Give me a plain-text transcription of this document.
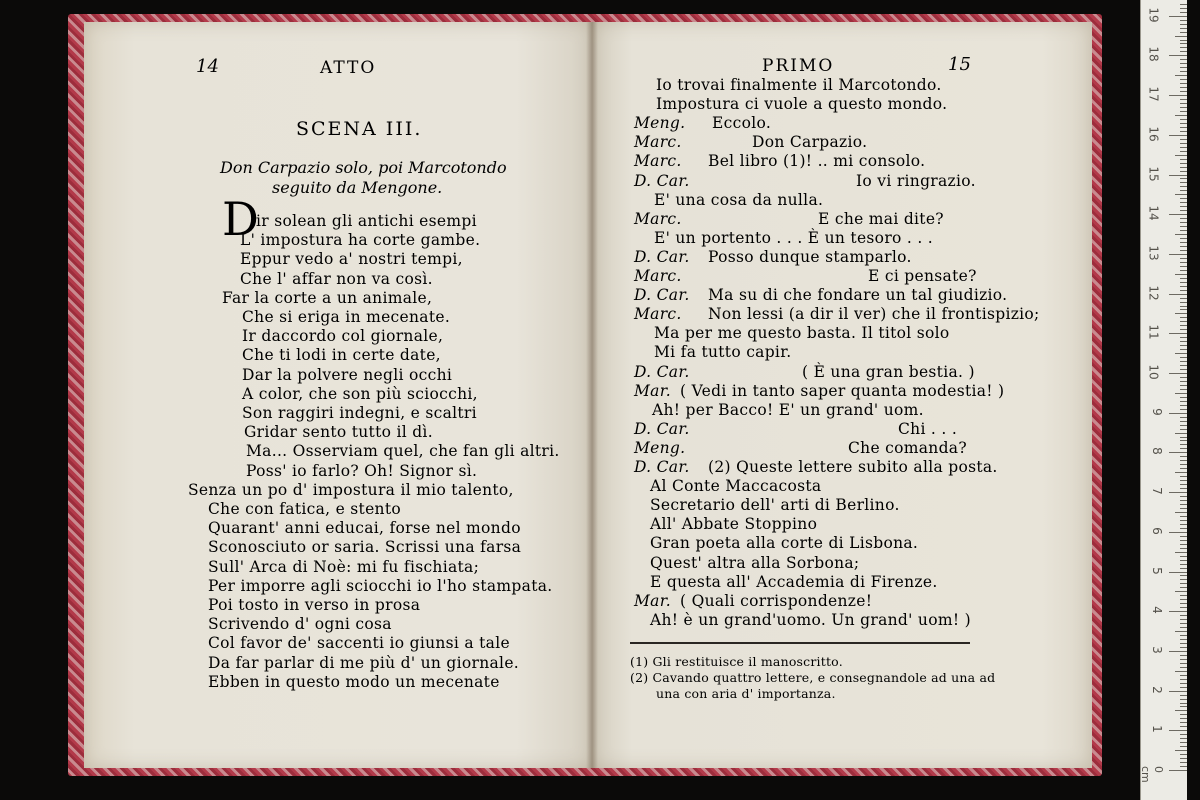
14	ATTO
SCENA III.
Don Carpazio solo, poi Marcotondo
seguito da Mengone.
D
ir solean gli antichi esempi
L' impostura ha corte gambe.
Eppur vedo a' nostri tempi,
Che l' affar non va così.
Far la corte a un animale,
Che si eriga in mecenate.
Ir daccordo col giornale,
Che ti lodi in certe date,
Dar la polvere negli occhi
A color, che son più sciocchi,
Son raggiri indegni, e scaltri
Gridar sento tutto il dì.
Ma... Osserviam quel, che fan gli altri.
Poss' io farlo? Oh! Signor sì.
Senza un po d' impostura il mio talento,
Che con fatica, e stento
Quarant' anni educai, forse nel mondo
Sconosciuto or saria. Scrissi una farsa
Sull' Arca di Noè: mi fu fischiata;
Per imporre agli sciocchi io l'ho stampata.
Poi tosto in verso in prosa
Scrivendo d' ogni cosa
Col favor de' saccenti io giunsi a tale
Da far parlar di me più d' un giornale.
Ebben in questo modo un mecenate
PRIMO	15
Io trovai finalmente il Marcotondo.
Impostura ci vuole a questo mondo.
Meng. Eccolo.
Marc.	Don Carpazio.
Marc. Bel libro (1)! .. mi consolo.
D. Car.	Io vi ringrazio.
E' una cosa da nulla.
Marc.	E che mai dite?
E' un portento . . . È un tesoro . . .
D. Car. Posso dunque stamparlo.
Marc.	E ci pensate?
D. Car. Ma su di che fondare un tal giudizio.
Marc. Non lessi (a dir il ver) che il frontispizio;
Ma per me questo basta. Il titol solo
Mi fa tutto capir.
D. Car.	( È una gran bestia. )
Mar. ( Vedi in tanto saper quanta modestia! )
Ah! per Bacco! E' un grand' uom.
D. Car.	Chi . . .
Meng.	Che comanda?
D. Car. (2) Queste lettere subito alla posta.
Al Conte Maccacosta
Secretario dell' arti di Berlino.
All' Abbate Stoppino
Gran poeta alla corte di Lisbona.
Quest' altra alla Sorbona;
E questa all' Accademia di Firenze.
Mar. ( Quali corrispondenze!
Ah! è un grand'uomo. Un grand' uom! )
(1) Gli restituisce il manoscritto.
(2) Cavando quattro lettere, e consegnandole ad una ad
una con aria d' importanza.
0 cm
19
18
17
16
15
14
13
12
11
10
9
8
7
6
5
4
3
2
1
